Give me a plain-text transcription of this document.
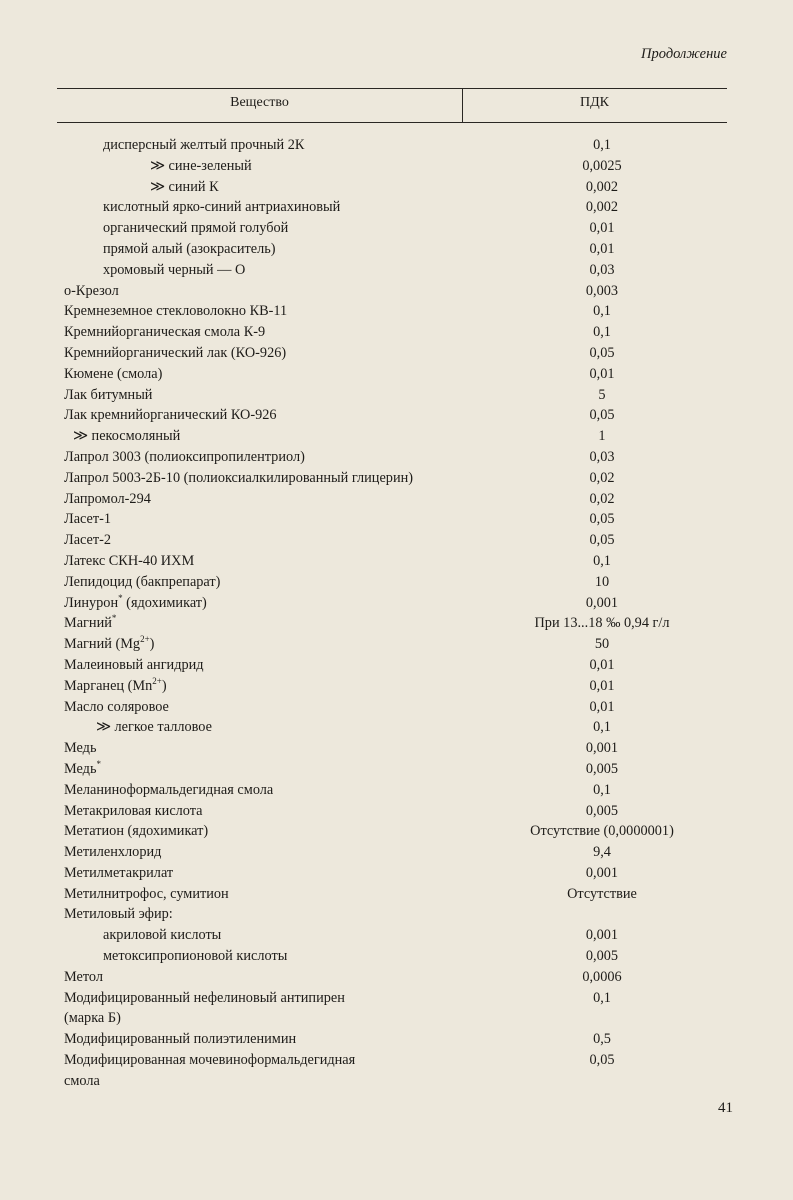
Продолжение
Вещество	ПДК
дисперсный желтый прочный 2К	0,1
≫ сине-зеленый	0,0025
≫ синий К	0,002
кислотный ярко-синий антриахиновый	0,002
органический прямой голубой	0,01
прямой алый (азокраситель)	0,01
хромовый черный — О	0,03
о-Крезол	0,003
Кремнеземное стекловолокно КВ-11	0,1
Кремнийорганическая смола К-9	0,1
Кремнийорганический лак (КО-926)	0,05
Кюмене (смола)	0,01
Лак битумный	5
Лак кремнийорганический КО-926	0,05
≫ пекосмоляный	1
Лапрол 3003 (полиоксипропилентриол)	0,03
Лапрол 5003-2Б-10 (полиоксиалкилированный глицерин)	0,02
Лапромол-294	0,02
Ласет-1	0,05
Ласет-2	0,05
Латекс СКН-40 ИХМ	0,1
Лепидоцид (бакпрепарат)	10
Линурон* (ядохимикат)	0,001
Магний*	При 13...18 ‰ 0,94 г/л
Магний $(Mg^{2+})$	50
Малеиновый ангидрид	0,01
Марганец $(Mn^{2+})$	0,01
Масло соляровое	0,01
≫ легкое талловое	0,1
Медь	0,001
Медь*	0,005
Меланиноформальдегидная смола	0,1
Метакриловая кислота	0,005
Метатион (ядохимикат)	Отсутствие (0,0000001)
Метиленхлорид	9,4
Метилметакрилат	0,001
Метилнитрофос, сумитион	Отсутствие
Метиловый эфир:
акриловой кислоты	0,001
метоксипропионовой кислоты	0,005
Метол	0,0006
Модифицированный нефелиновый антипирен	0,1
(марка Б)
Модифицированный полиэтиленимин	0,5
Модифицированная мочевиноформальдегидная	0,05
смола
41
